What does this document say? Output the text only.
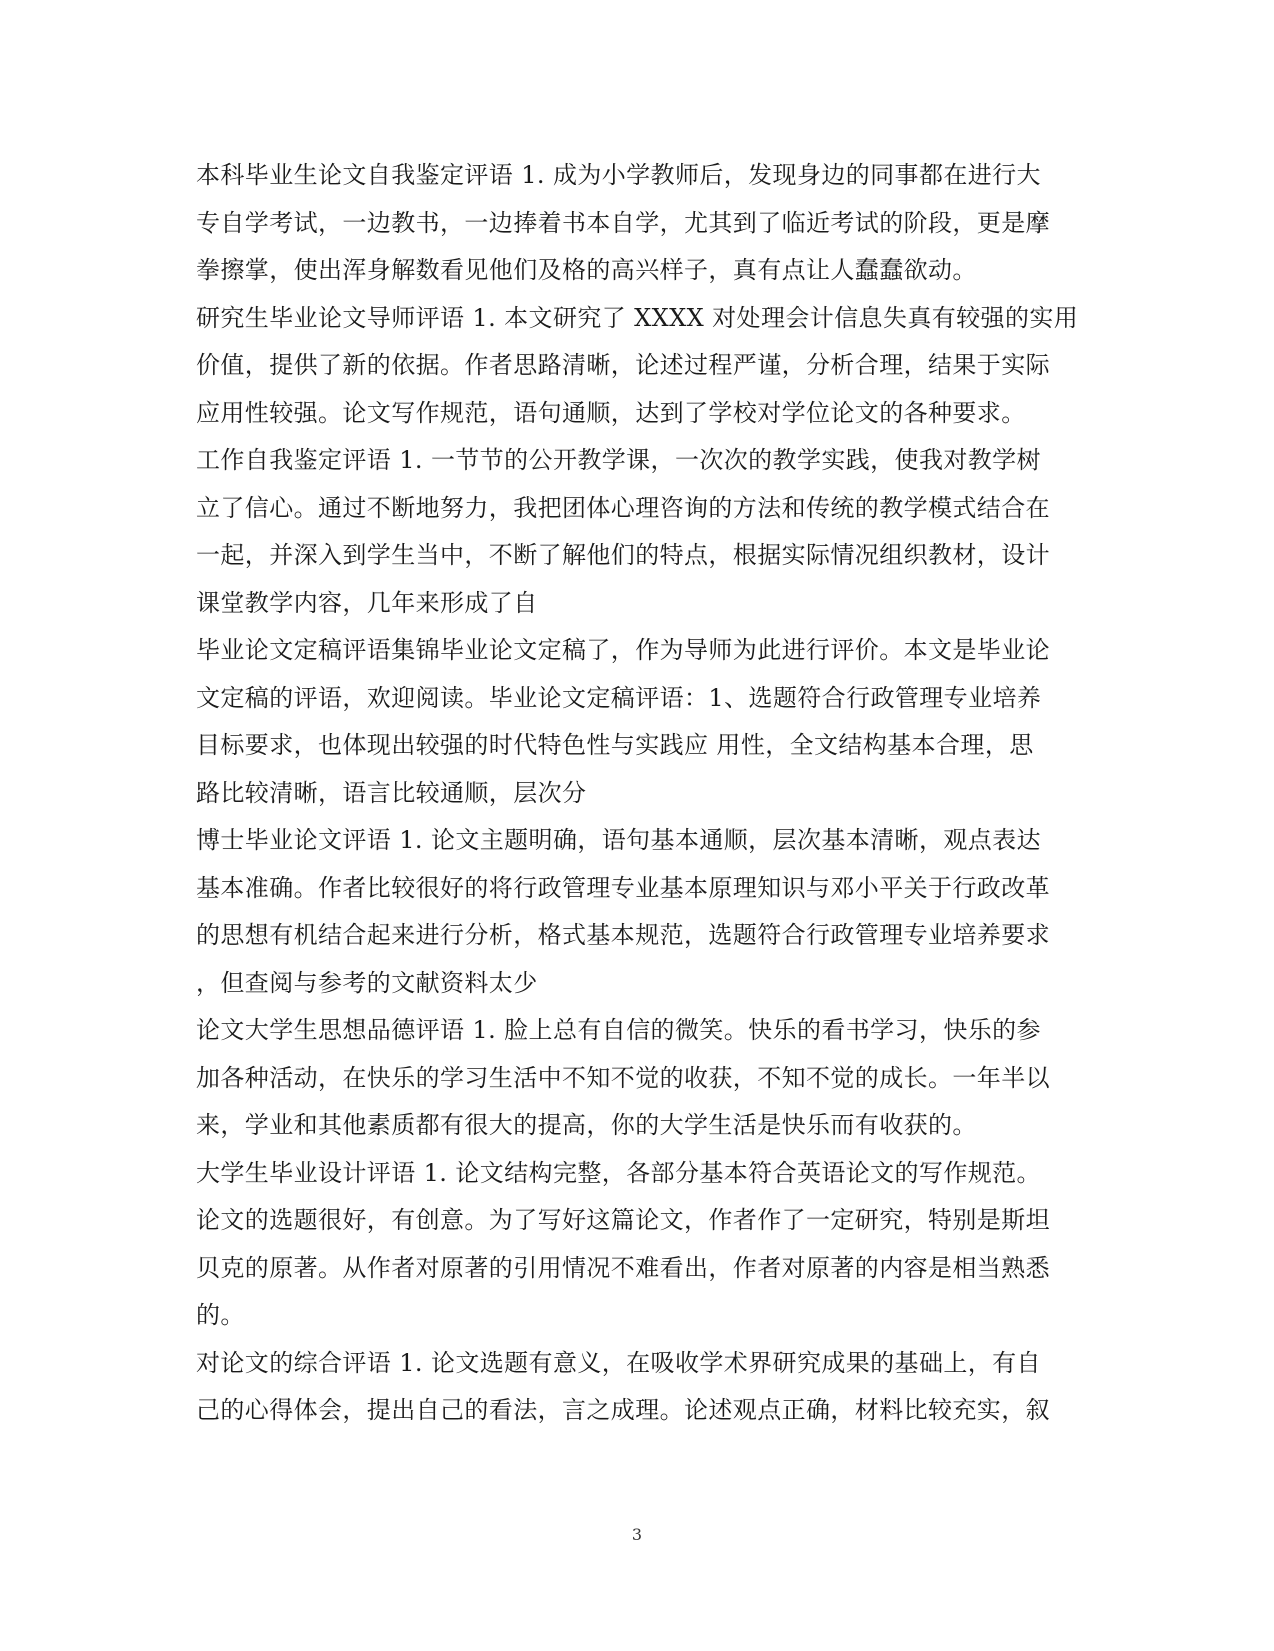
本科毕业生论文自我鉴定评语 1. 成为小学教师后，发现身边的同事都在进行大
专自学考试，一边教书，一边捧着书本自学，尤其到了临近考试的阶段，更是摩
拳擦掌，使出浑身解数看见他们及格的高兴样子，真有点让人蠢蠢欲动。

研究生毕业论文导师评语 1. 本文研究了 XXXX 对处理会计信息失真有较强的实用
价值，提供了新的依据。作者思路清晰，论述过程严谨，分析合理，结果于实际
应用性较强。论文写作规范，语句通顺，达到了学校对学位论文的各种要求。

工作自我鉴定评语 1. 一节节的公开教学课，一次次的教学实践，使我对教学树
立了信心。通过不断地努力，我把团体心理咨询的方法和传统的教学模式结合在
一起，并深入到学生当中，不断了解他们的特点，根据实际情况组织教材，设计
课堂教学内容，几年来形成了自

毕业论文定稿评语集锦毕业论文定稿了，作为导师为此进行评价。本文是毕业论
文定稿的评语，欢迎阅读。毕业论文定稿评语：1、选题符合行政管理专业培养
目标要求，也体现出较强的时代特色性与实践应 用性，全文结构基本合理，思
路比较清晰，语言比较通顺，层次分

博士毕业论文评语 1. 论文主题明确，语句基本通顺，层次基本清晰，观点表达
基本准确。作者比较很好的将行政管理专业基本原理知识与邓小平关于行政改革
的思想有机结合起来进行分析，格式基本规范，选题符合行政管理专业培养要求
，但查阅与参考的文献资料太少

论文大学生思想品德评语 1. 脸上总有自信的微笑。快乐的看书学习，快乐的参
加各种活动，在快乐的学习生活中不知不觉的收获，不知不觉的成长。一年半以
来，学业和其他素质都有很大的提高，你的大学生活是快乐而有收获的。

大学生毕业设计评语 1. 论文结构完整，各部分基本符合英语论文的写作规范。
论文的选题很好，有创意。为了写好这篇论文，作者作了一定研究，特别是斯坦
贝克的原著。从作者对原著的引用情况不难看出，作者对原著的内容是相当熟悉
的。

对论文的综合评语 1. 论文选题有意义，在吸收学术界研究成果的基础上，有自
己的心得体会，提出自己的看法，言之成理。论述观点正确，材料比较充实，叙

3
